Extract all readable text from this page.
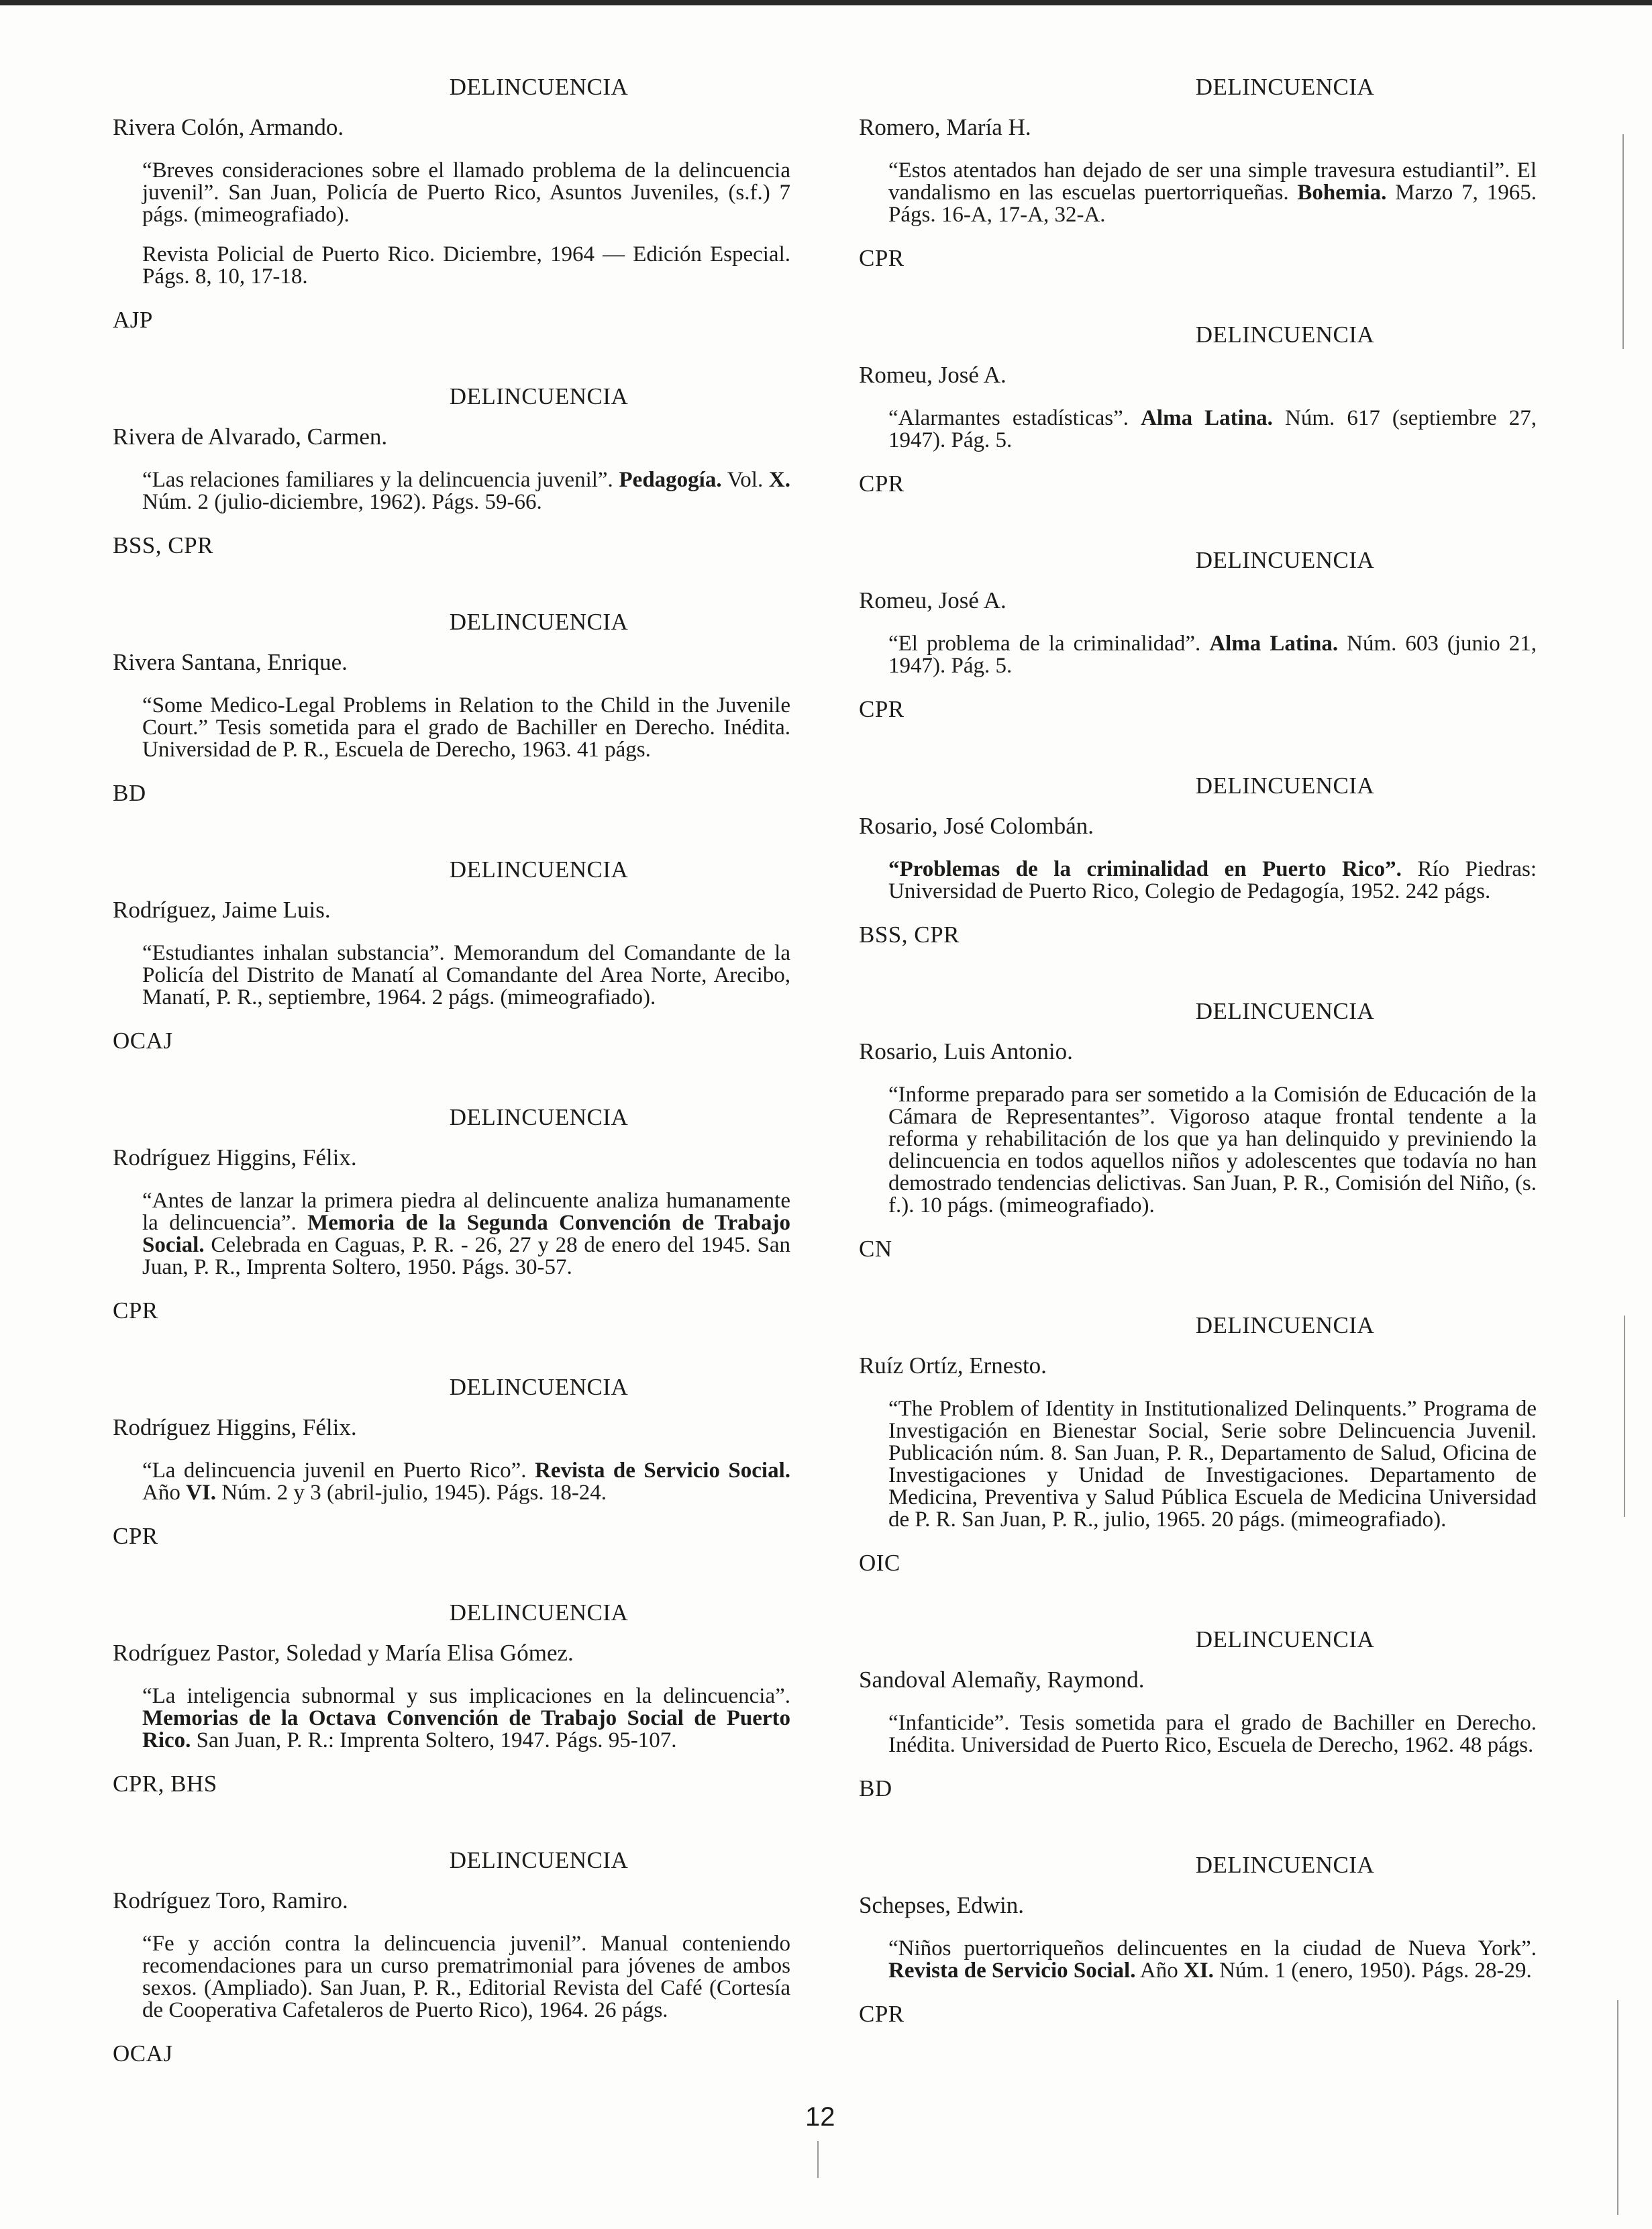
DELINCUENCIA
Rivera Colón, Armando.
“Breves consideraciones sobre el llamado problema de la delincuencia juvenil”. San Juan, Policía de Puerto Rico, Asuntos Juveniles, (s.f.) 7 págs. (mimeografiado).
Revista Policial de Puerto Rico. Diciembre, 1964 — Edición Especial. Págs. 8, 10, 17-18.
AJP
DELINCUENCIA
Rivera de Alvarado, Carmen.
“Las relaciones familiares y la delincuencia juvenil”. Pedagogía. Vol. X. Núm. 2 (julio-diciembre, 1962). Págs. 59-66.
BSS, CPR
DELINCUENCIA
Rivera Santana, Enrique.
“Some Medico-Legal Problems in Relation to the Child in the Juvenile Court.” Tesis sometida para el grado de Bachiller en Derecho. Inédita. Universidad de P. R., Escuela de Derecho, 1963. 41 págs.
BD
DELINCUENCIA
Rodríguez, Jaime Luis.
“Estudiantes inhalan substancia”. Memorandum del Comandante de la Policía del Distrito de Manatí al Comandante del Area Norte, Arecibo, Manatí, P. R., septiembre, 1964. 2 págs. (mimeografiado).
OCAJ
DELINCUENCIA
Rodríguez Higgins, Félix.
“Antes de lanzar la primera piedra al delincuente analiza humanamente la delincuencia”. Memoria de la Segunda Convención de Trabajo Social. Celebrada en Caguas, P. R. - 26, 27 y 28 de enero del 1945. San Juan, P. R., Imprenta Soltero, 1950. Págs. 30-57.
CPR
DELINCUENCIA
Rodríguez Higgins, Félix.
“La delincuencia juvenil en Puerto Rico”. Revista de Servicio Social. Año VI. Núm. 2 y 3 (abril-julio, 1945). Págs. 18-24.
CPR
DELINCUENCIA
Rodríguez Pastor, Soledad y María Elisa Gómez.
“La inteligencia subnormal y sus implicaciones en la delincuencia”. Memorias de la Octava Convención de Trabajo Social de Puerto Rico. San Juan, P. R.: Imprenta Soltero, 1947. Págs. 95-107.
CPR, BHS
DELINCUENCIA
Rodríguez Toro, Ramiro.
“Fe y acción contra la delincuencia juvenil”. Manual conteniendo recomendaciones para un curso prematrimonial para jóvenes de ambos sexos. (Ampliado). San Juan, P. R., Editorial Revista del Café (Cortesía de Cooperativa Cafetaleros de Puerto Rico), 1964. 26 págs.
OCAJ
DELINCUENCIA
Romero, María H.
“Estos atentados han dejado de ser una simple travesura estudiantil”. El vandalismo en las escuelas puertorriqueñas. Bohemia. Marzo 7, 1965. Págs. 16-A, 17-A, 32-A.
CPR
DELINCUENCIA
Romeu, José A.
“Alarmantes estadísticas”. Alma Latina. Núm. 617 (septiembre 27, 1947). Pág. 5.
CPR
DELINCUENCIA
Romeu, José A.
“El problema de la criminalidad”. Alma Latina. Núm. 603 (junio 21, 1947). Pág. 5.
CPR
DELINCUENCIA
Rosario, José Colombán.
“Problemas de la criminalidad en Puerto Rico”. Río Piedras: Universidad de Puerto Rico, Colegio de Pedagogía, 1952. 242 págs.
BSS, CPR
DELINCUENCIA
Rosario, Luis Antonio.
“Informe preparado para ser sometido a la Comisión de Educación de la Cámara de Representantes”. Vigoroso ataque frontal tendente a la reforma y rehabilitación de los que ya han delinquido y previniendo la delincuencia en todos aquellos niños y adolescentes que todavía no han demostrado tendencias delictivas. San Juan, P. R., Comisión del Niño, (s. f.). 10 págs. (mimeografiado).
CN
DELINCUENCIA
Ruíz Ortíz, Ernesto.
“The Problem of Identity in Institutionalized Delinquents.” Programa de Investigación en Bienestar Social, Serie sobre Delincuencia Juvenil. Publicación núm. 8. San Juan, P. R., Departamento de Salud, Oficina de Investigaciones y Unidad de Investigaciones. Departamento de Medicina, Preventiva y Salud Pública Escuela de Medicina Universidad de P. R. San Juan, P. R., julio, 1965. 20 págs. (mimeografiado).
OIC
DELINCUENCIA
Sandoval Alemañy, Raymond.
“Infanticide”. Tesis sometida para el grado de Bachiller en Derecho. Inédita. Universidad de Puerto Rico, Escuela de Derecho, 1962. 48 págs.
BD
DELINCUENCIA
Schepses, Edwin.
“Niños puertorriqueños delincuentes en la ciudad de Nueva York”. Revista de Servicio Social. Año XI. Núm. 1 (enero, 1950). Págs. 28-29.
CPR
12
